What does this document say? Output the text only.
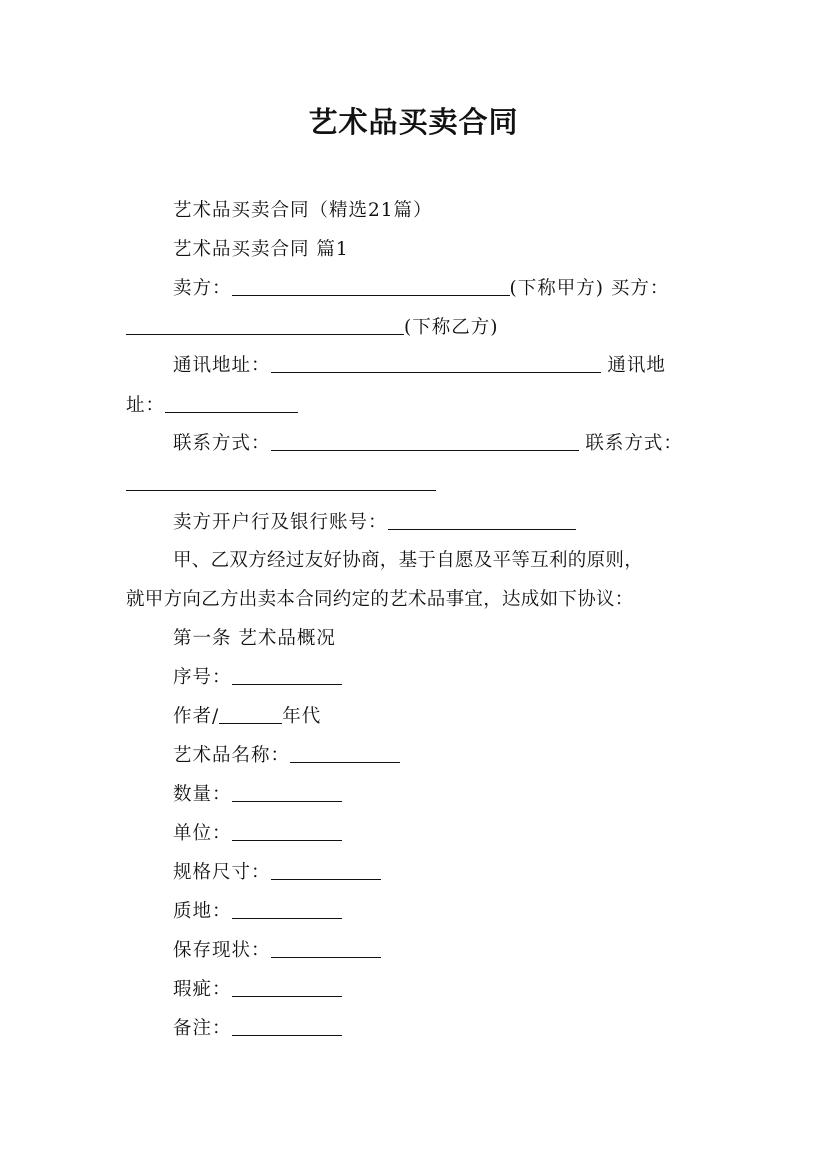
艺术品买卖合同
艺术品买卖合同（精选21篇）
艺术品买卖合同 篇1
卖方：	(下称甲方) 买方：
(下称乙方)
通讯地址：	通讯地
址：
联系方式：	联系方式：
卖方开户行及银行账号：
甲、乙双方经过友好协商，基于自愿及平等互利的原则，
就甲方向乙方出卖本合同约定的艺术品事宜，达成如下协议：
第一条 艺术品概况
序号：
作者/	年代
艺术品名称：
数量：
单位：
规格尺寸：
质地：
保存现状：
瑕疵：
备注：
